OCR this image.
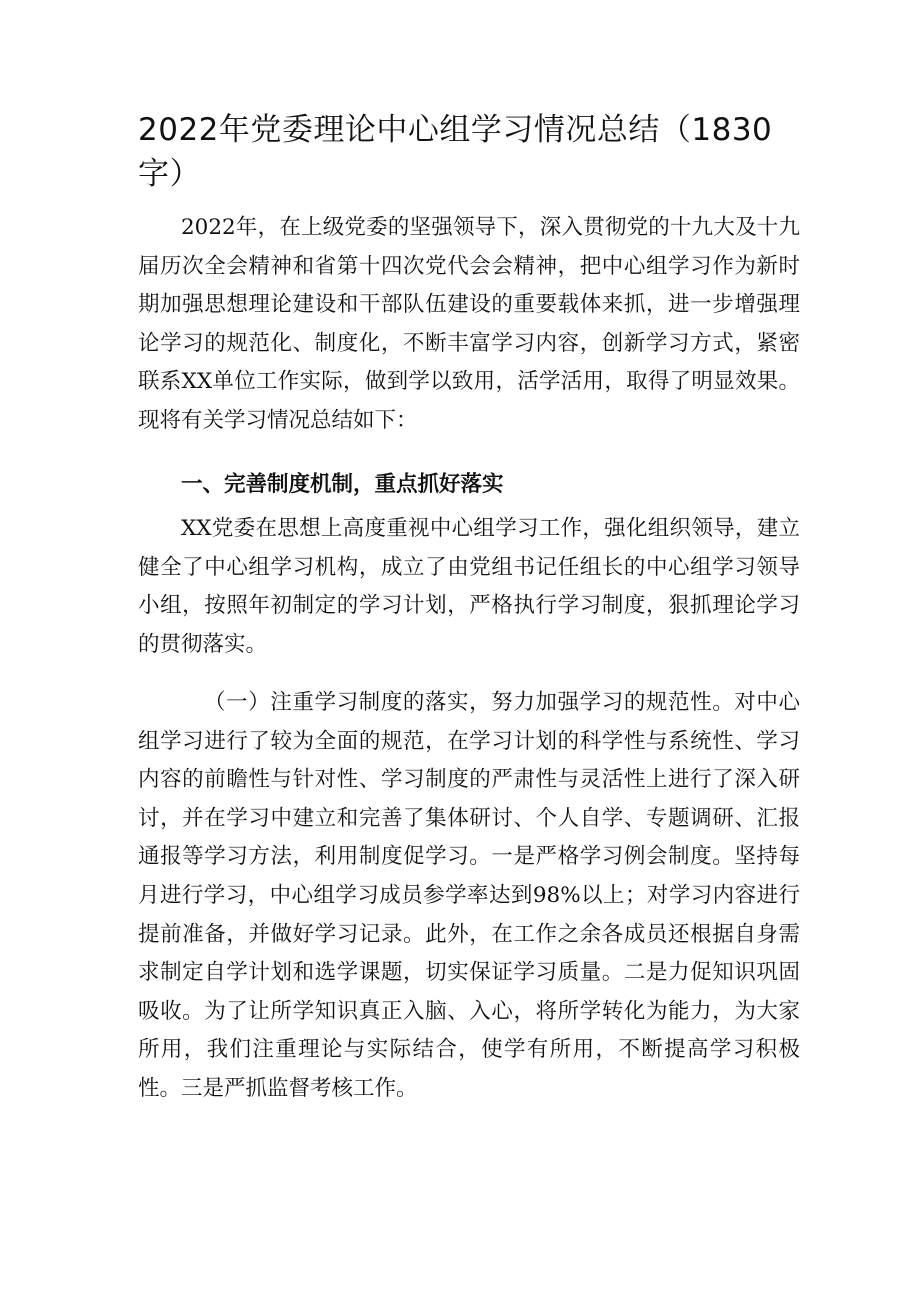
2022年党委理论中心组学习情况总结（1830字）

2022年，在上级党委的坚强领导下，深入贯彻党的十九大及十九届历次全会精神和省第十四次党代会会精神，把中心组学习作为新时期加强思想理论建设和干部队伍建设的重要载体来抓，进一步增强理论学习的规范化、制度化，不断丰富学习内容，创新学习方式，紧密联系XX单位工作实际，做到学以致用，活学活用，取得了明显效果。现将有关学习情况总结如下：

一、完善制度机制，重点抓好落实

XX党委在思想上高度重视中心组学习工作，强化组织领导，建立健全了中心组学习机构，成立了由党组书记任组长的中心组学习领导小组，按照年初制定的学习计划，严格执行学习制度，狠抓理论学习的贯彻落实。

（一）注重学习制度的落实，努力加强学习的规范性。对中心组学习进行了较为全面的规范，在学习计划的科学性与系统性、学习内容的前瞻性与针对性、学习制度的严肃性与灵活性上进行了深入研讨，并在学习中建立和完善了集体研讨、个人自学、专题调研、汇报通报等学习方法，利用制度促学习。一是严格学习例会制度。坚持每月进行学习，中心组学习成员参学率达到98%以上；对学习内容进行提前准备，并做好学习记录。此外，在工作之余各成员还根据自身需求制定自学计划和选学课题，切实保证学习质量。二是力促知识巩固吸收。为了让所学知识真正入脑、入心，将所学转化为能力，为大家所用，我们注重理论与实际结合，使学有所用，不断提高学习积极性。三是严抓监督考核工作。
